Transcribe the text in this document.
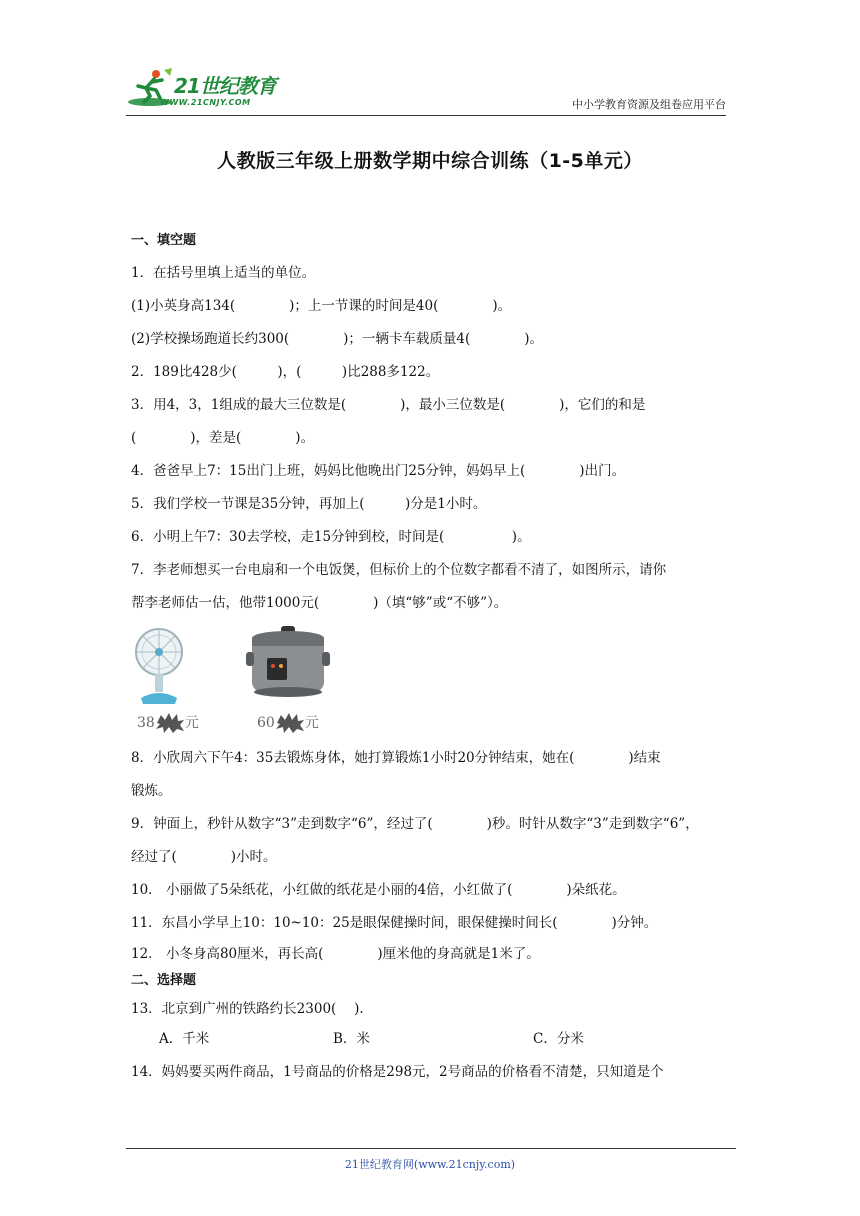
21世纪教育
WWW.21CNJY.COM	中小学教育资源及组卷应用平台
人教版三年级上册数学期中综合训练（1-5单元）
一、填空题
1．在括号里填上适当的单位。
(1)小英身高134(　　　　)；上一节课的时间是40(　　　　)。
(2)学校操场跑道长约300(　　　　)；一辆卡车载质量4(　　　　)。
2．189比428少(　　　)，(　　　)比288多122。
3．用4，3，1组成的最大三位数是(　　　　)，最小三位数是(　　　　)，它们的和是
(　　　　)，差是(　　　　)。
4．爸爸早上7：15出门上班，妈妈比他晚出门25分钟，妈妈早上(　　　　)出门。
5．我们学校一节课是35分钟，再加上(　　　)分是1小时。
6．小明上午7：30去学校，走15分钟到校，时间是(　　　　　)。
7．李老师想买一台电扇和一个电饭煲，但标价上的个位数字都看不清了，如图所示，请你
帮李老师估一估，他带1000元(　　　　)（填“够”或“不够”）。
38 元	60 元
8．小欣周六下午4：35去锻炼身体，她打算锻炼1小时20分钟结束，她在(　　　　)结束
锻炼。
9．钟面上，秒针从数字“3”走到数字“6”，经过了(　　　　)秒。时针从数字“3”走到数字“6”，
经过了(　　　　)小时。
10． 小丽做了5朵纸花，小红做的纸花是小丽的4倍，小红做了(　　　　)朵纸花。
11．东昌小学早上10：10~10：25是眼保健操时间，眼保健操时间长(　　　　)分钟。
12． 小冬身高80厘米，再长高(　　　　)厘米他的身高就是1米了。
二、选择题
13．北京到广州的铁路约长2300(　 ).
A．千米	B．米	C．分米
14．妈妈要买两件商品，1号商品的价格是298元，2号商品的价格看不清楚，只知道是个
21世纪教育网(www.21cnjy.com)
